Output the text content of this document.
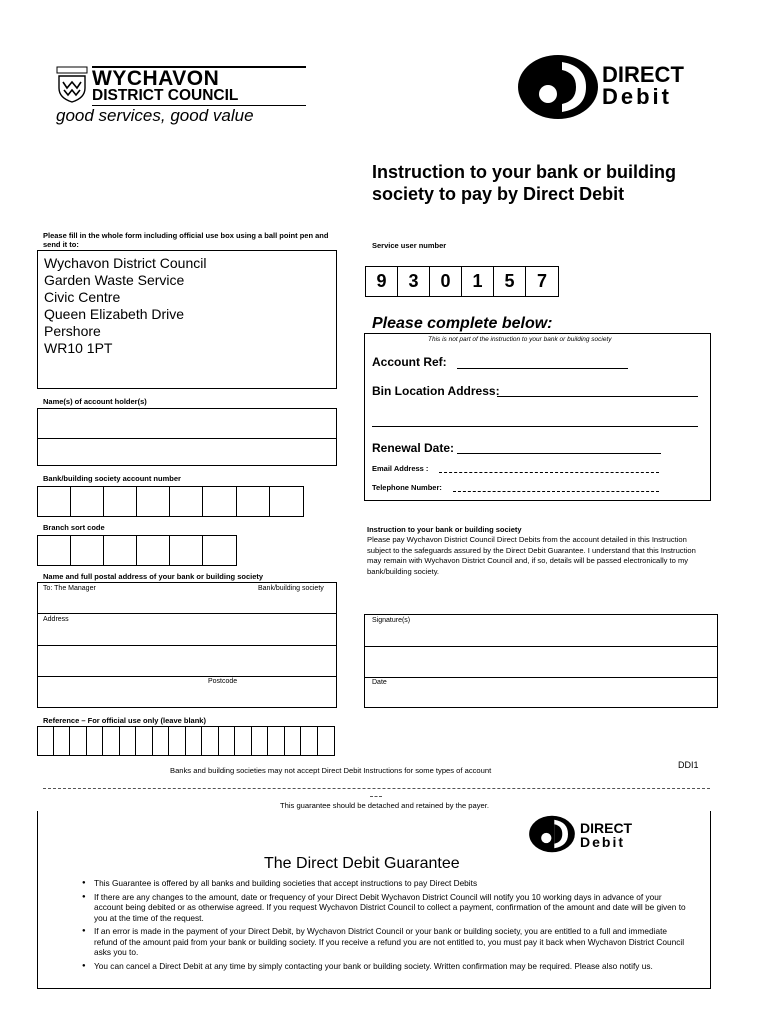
WYCHAVON
DISTRICT COUNCIL
good services, good value
DIRECT
Debit
Instruction to your bank or building society to pay by Direct Debit
Please fill in the whole form including official use box using a ball point pen and send it to:
Wychavon District Council
Garden Waste Service
Civic Centre
Queen Elizabeth Drive
Pershore
WR10 1PT
Service user number
9	3	0	1	5	7
Please complete below:
This is not part of the instruction to your bank or building society
Account Ref:
Bin Location Address:
Renewal Date:
Email Address :
Telephone Number:
Name(s) of account holder(s)
Bank/building society account number
Branch sort code
Name and full postal address of your bank or building society
To: The Manager	Bank/building society
Address
Postcode
Instruction to your bank or building society
Please pay Wychavon District Council Direct Debits from the account detailed in this Instruction subject to the safeguards assured by the Direct Debit Guarantee. I understand that this Instruction may remain with Wychavon District Council and, if so, details will be passed electronically to my bank/building society.
Signature(s)
Date
Reference – For official use only (leave blank)
DDI1
Banks and building societies may not accept Direct Debit Instructions for some types of account
This guarantee should be detached and retained by the payer.
DIRECT
Debit
The Direct Debit Guarantee
● This Guarantee is offered by all banks and building societies that accept instructions to pay Direct Debits
● If there are any changes to the amount, date or frequency of your Direct Debit Wychavon District Council will notify you 10 working days in advance of your account being debited or as otherwise agreed. If you request Wychavon District Council to collect a payment, confirmation of the amount and date will be given to you at the time of the request.
● If an error is made in the payment of your Direct Debit, by Wychavon District Council or your bank or building society, you are entitled to a full and immediate refund of the amount paid from your bank or building society. If you receive a refund you are not entitled to, you must pay it back when Wychavon District Council asks you to.
● You can cancel a Direct Debit at any time by simply contacting your bank or building society. Written confirmation may be required. Please also notify us.
